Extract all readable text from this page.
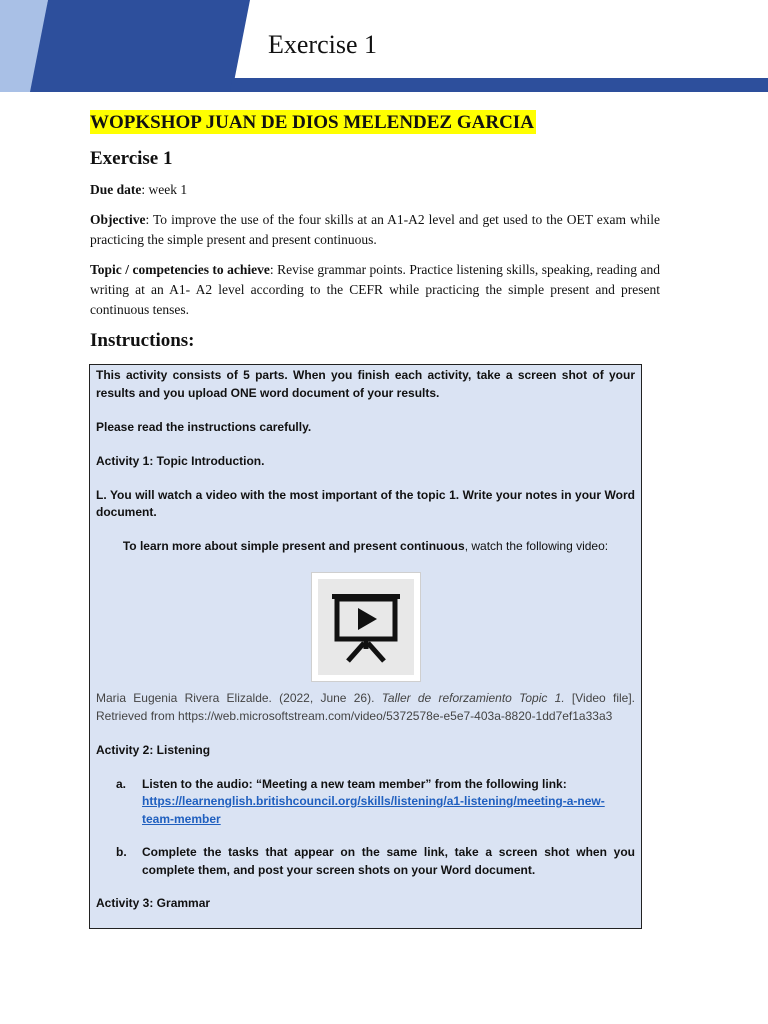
Exercise 1
WOPKSHOP JUAN DE DIOS MELENDEZ GARCIA
Exercise 1
Due date: week 1
Objective: To improve the use of the four skills at an A1-A2 level and get used to the OET exam while practicing the simple present and present continuous.
Topic / competencies to achieve: Revise grammar points. Practice listening skills, speaking, reading and writing at an A1- A2 level according to the CEFR while practicing the simple present and present continuous tenses.
Instructions:

This activity consists of 5 parts. When you finish each activity, take a screen shot of your results and you upload ONE word document of your results.

Please read the instructions carefully.

Activity 1: Topic Introduction.

L. You will watch a video with the most important of the topic 1. Write your notes in your Word document.

To learn more about simple present and present continuous, watch the following video:

Maria Eugenia Rivera Elizalde. (2022, June 26). Taller de reforzamiento Topic 1. [Video file]. Retrieved from https://web.microsoftstream.com/video/5372578e-e5e7-403a-8820-1dd7ef1a33a3

Activity 2: Listening

a.	Listen to the audio: “Meeting a new team member” from the following link:
https://learnenglish.britishcouncil.org/skills/listening/a1-listening/meeting-a-new-team-member
b.	Complete the tasks that appear on the same link, take a screen shot when you complete them, and post your screen shots on your Word document.

Activity 3: Grammar
